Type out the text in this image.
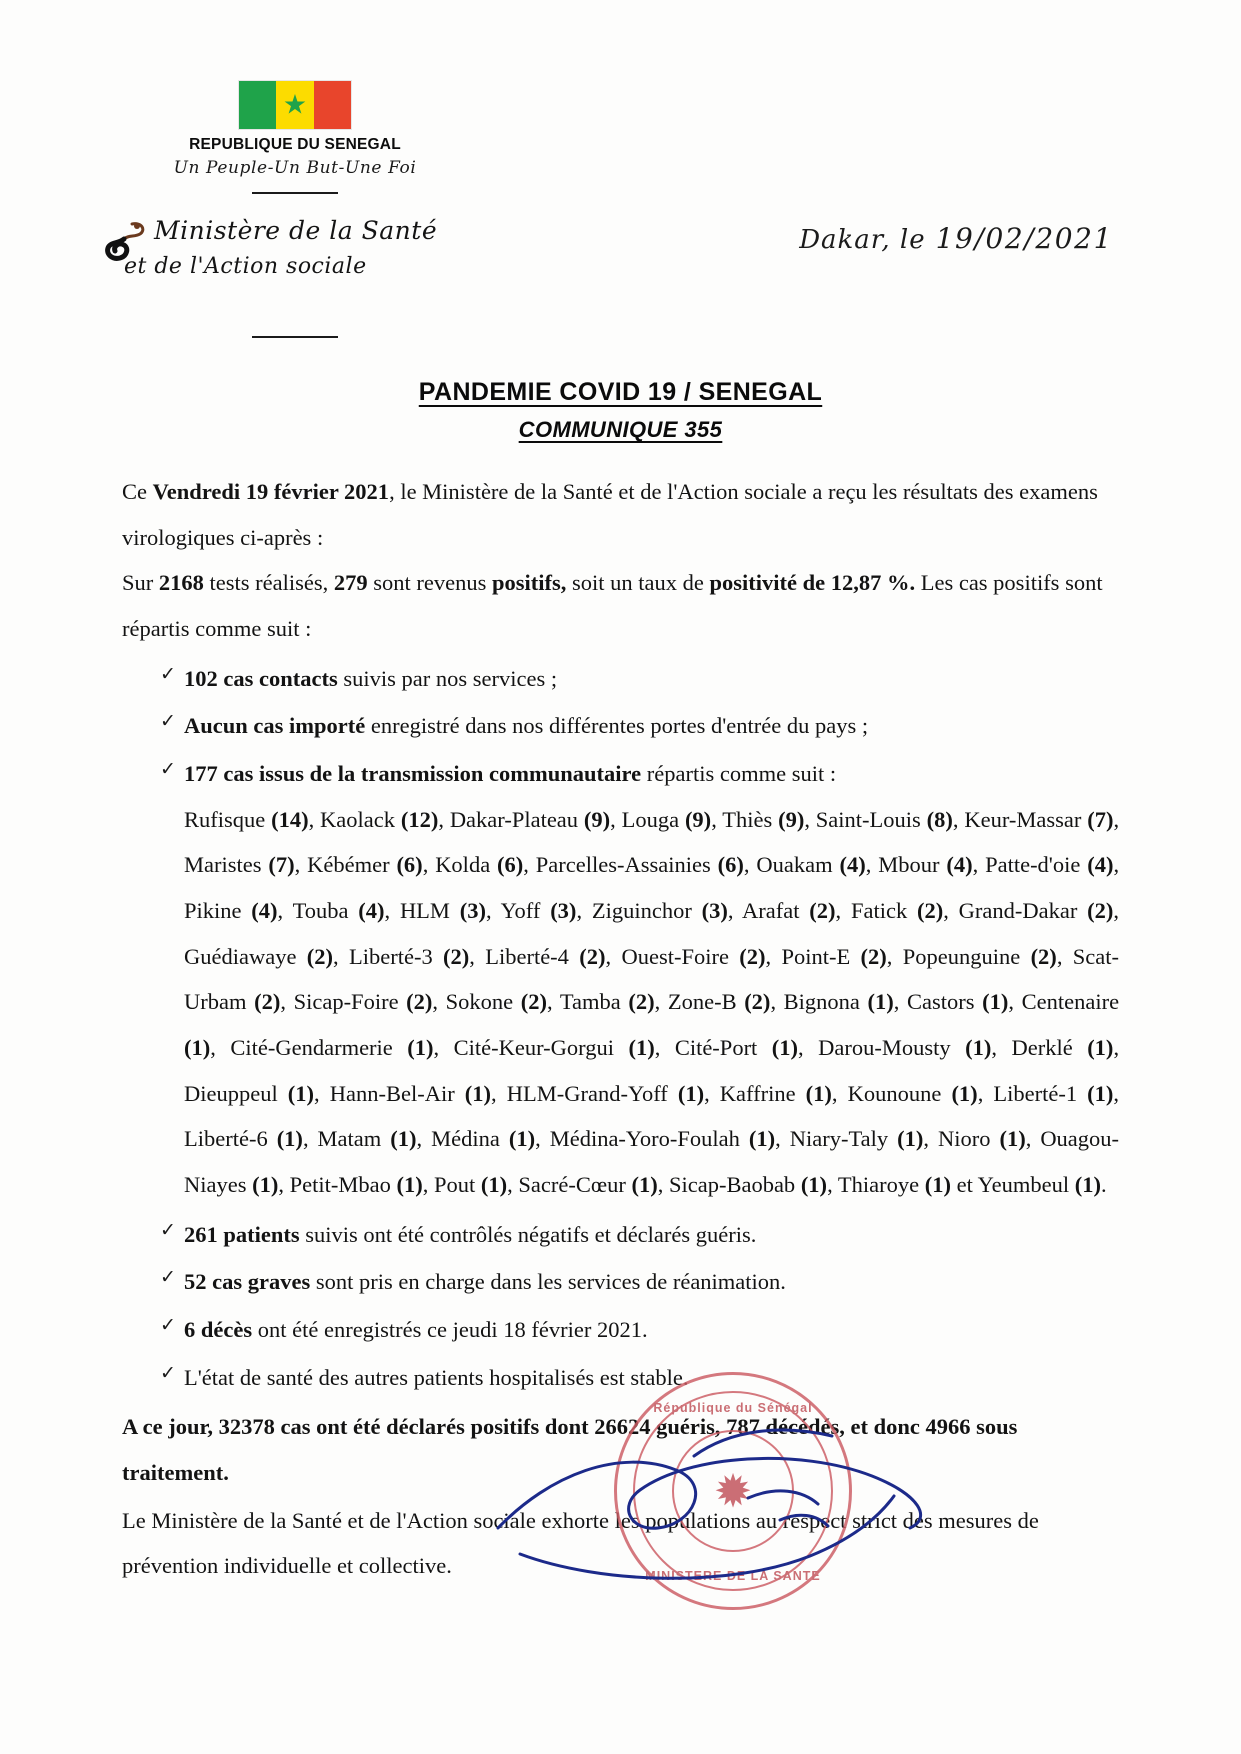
★
REPUBLIQUE DU SENEGAL
Un Peuple-Un But-Une Foi
Ministère de la Santé
et de l'Action sociale
Dakar, le 19/02/2021
PANDEMIE COVID 19 / SENEGAL
COMMUNIQUE 355

Ce Vendredi 19 février 2021, le Ministère de la Santé et de l'Action sociale a reçu les résultats des examens virologiques ci-après :

Sur 2168 tests réalisés, 279 sont revenus positifs, soit un taux de positivité de 12,87 %. Les cas positifs sont répartis comme suit :

✓ 102 cas contacts suivis par nos services ;
✓ Aucun cas importé enregistré dans nos différentes portes d'entrée du pays ;
✓ 177 cas issus de la transmission communautaire répartis comme suit :

Rufisque (14), Kaolack (12), Dakar-Plateau (9), Louga (9), Thiès (9), Saint-Louis (8), Keur-Massar (7), Maristes (7), Kébémer (6), Kolda (6), Parcelles-Assainies (6), Ouakam (4), Mbour (4), Patte-d'oie (4), Pikine (4), Touba (4), HLM (3), Yoff (3), Ziguinchor (3), Arafat (2), Fatick (2), Grand-Dakar (2), Guédiawaye (2), Liberté-3 (2), Liberté-4 (2), Ouest-Foire (2), Point-E (2), Popeunguine (2), Scat-Urbam (2), Sicap-Foire (2), Sokone (2), Tamba (2), Zone-B (2), Bignona (1), Castors (1), Centenaire (1), Cité-Gendarmerie (1), Cité-Keur-Gorgui (1), Cité-Port (1), Darou-Mousty (1), Derklé (1), Dieuppeul (1), Hann-Bel-Air (1), HLM-Grand-Yoff (1), Kaffrine (1), Kounoune (1), Liberté-1 (1), Liberté-6 (1), Matam (1), Médina (1), Médina-Yoro-Foulah (1), Niary-Taly (1), Nioro (1), Ouagou-Niayes (1), Petit-Mbao (1), Pout (1), Sacré-Cœur (1), Sicap-Baobab (1), Thiaroye (1) et Yeumbeul (1).

✓ 261 patients suivis ont été contrôlés négatifs et déclarés guéris.
✓ 52 cas graves sont pris en charge dans les services de réanimation.
✓ 6 décès ont été enregistrés ce jeudi 18 février 2021.
✓ L'état de santé des autres patients hospitalisés est stable.

A ce jour, 32378 cas ont été déclarés positifs dont 26624 guéris, 787 décédés, et donc 4966 sous traitement.

Le Ministère de la Santé et de l'Action sociale exhorte les populations au respect strict des mesures de prévention individuelle et collective.

République du Sénégal
MINISTERE DE LA SANTE
✹
